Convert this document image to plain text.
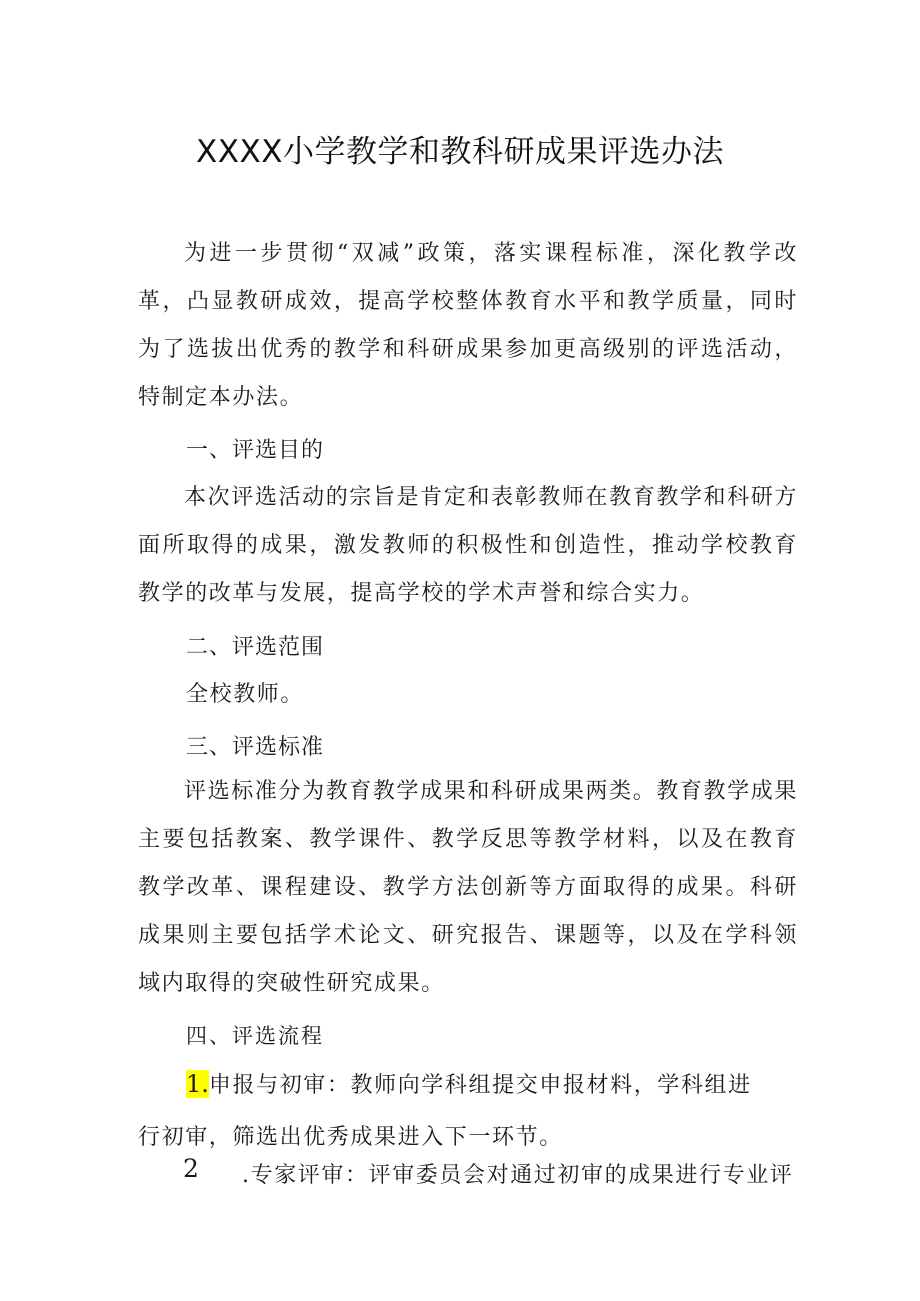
XXXX小学教学和教科研成果评选办法

为进一步贯彻“双减”政策，落实课程标准，深化教学改革，凸显教研成效，提高学校整体教育水平和教学质量，同时为了选拔出优秀的教学和科研成果参加更高级别的评选活动，特制定本办法。

一、评选目的

本次评选活动的宗旨是肯定和表彰教师在教育教学和科研方面所取得的成果，激发教师的积极性和创造性，推动学校教育教学的改革与发展，提高学校的学术声誉和综合实力。

二、评选范围

全校教师。

三、评选标准

评选标准分为教育教学成果和科研成果两类。教育教学成果主要包括教案、教学课件、教学反思等教学材料，以及在教育教学改革、课程建设、教学方法创新等方面取得的成果。科研成果则主要包括学术论文、研究报告、课题等，以及在学科领域内取得的突破性研究成果。

四、评选流程

1.申报与初审：教师向学科组提交申报材料，学科组进

行初审，筛选出优秀成果进入下一环节。

2 .专家评审：评审委员会对通过初审的成果进行专业评
